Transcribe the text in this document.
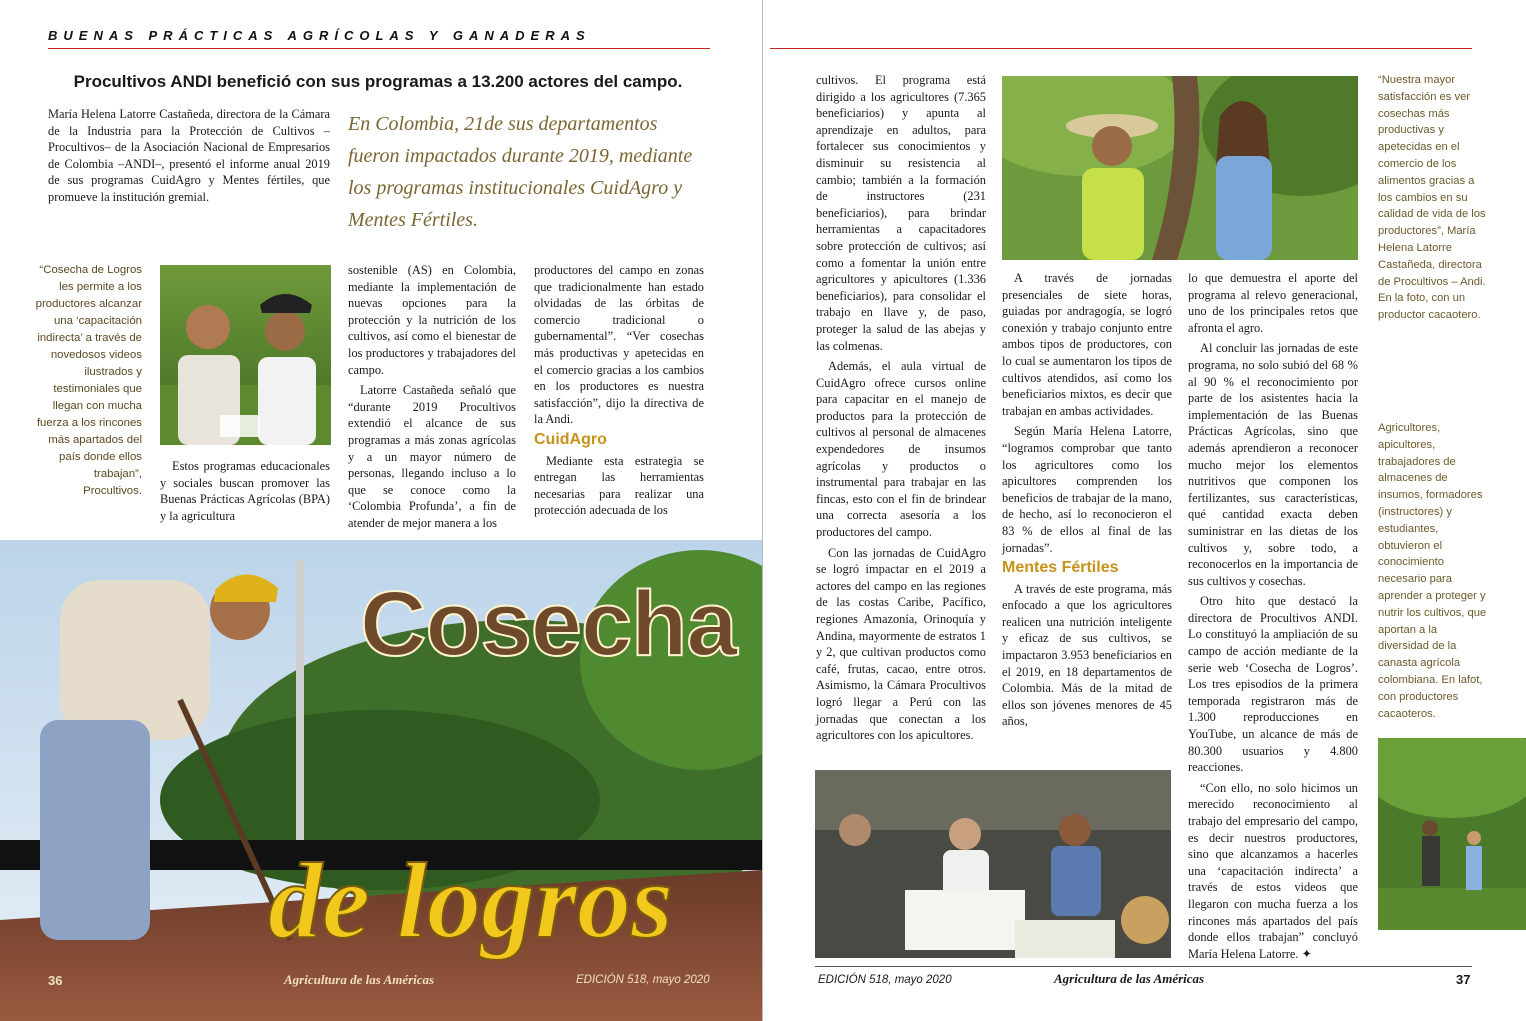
BUENAS PRÁCTICAS AGRÍCOLAS Y GANADERAS
Procultivos ANDI benefició con sus programas a 13.200 actores del campo.

María Helena Latorre Castañeda, directora de la Cámara de la Industria para la Protección de Cultivos –Procultivos– de la Asociación Nacional de Empresarios de Colombia –ANDI–, presentó el informe anual 2019 de sus programas CuidAgro y Mentes fértiles, que promueve la institución gremial.

En Colombia, 21de sus departamentos fueron impactados durante 2019, mediante los programas institucionales CuidAgro y Mentes Fértiles.
“Cosecha de Logros les permite a los productores alcanzar una ‘capacitación indirecta’ a través de novedosos videos ilustrados y testimoniales que llegan con mucha fuerza a los rincones más apartados del país donde ellos trabajan”, Procultivos.

Estos programas educacionales y sociales buscan promover las Buenas Prácticas Agrícolas (BPA) y la agricultura

sostenible (AS) en Colombia, mediante la implementación de nuevas opciones para la protección y la nutrición de los cultivos, así como el bienestar de los productores y trabajadores del campo.

Latorre Castañeda señaló que “durante 2019 Procultivos extendió el alcance de sus programas a más zonas agrícolas y a un mayor número de personas, llegando incluso a lo que se conoce como la ‘Colombia Profunda’, a fin de atender de mejor manera a los

productores del campo en zonas que tradicionalmente han estado olvidadas de las órbitas de comercio tradicional o gubernamental”. “Ver cosechas más productivas y apetecidas en el comercio gracias a los cambios en los productores es nuestra satisfacción”, dijo la directiva de la Andi.

CuidAgro

Mediante esta estrategia se entregan las herramientas necesarias para realizar una protección adecuada de los

Cosecha
de logros
36	Agricultura de las Américas	EDICIÓN 518, mayo 2020

cultivos. El programa está dirigido a los agricultores (7.365 beneficiarios) y apunta al aprendizaje en adultos, para fortalecer sus conocimientos y disminuir su resistencia al cambio; también a la formación de instructores (231 beneficiarios), para brindar herramientas a capacitadores sobre protección de cultivos; así como a fomentar la unión entre agricultores y apicultores (1.336 beneficiarios), para consolidar el trabajo en llave y, de paso, proteger la salud de las abejas y las colmenas.

Además, el aula virtual de CuidAgro ofrece cursos online para capacitar en el manejo de productos para la protección de cultivos al personal de almacenes expendedores de insumos agrícolas y productos o instrumental para trabajar en las fincas, esto con el fin de brindear una correcta asesoría a los productores del campo.

Con las jornadas de CuidAgro se logró impactar en el 2019 a actores del campo en las regiones de las costas Caribe, Pacífico, regiones Amazonía, Orinoquía y Andina, mayormente de estratos 1 y 2, que cultivan productos como café, frutas, cacao, entre otros. Asimismo, la Cámara Procultivos logró llegar a Perú con las jornadas que conectan a los agricultores con los apicultores.

“Nuestra mayor satisfacción es ver cosechas más productivas y apetecidas en el comercio de los alimentos gracias a los cambios en su calidad de vida de los productores”, María Helena Latorre Castañeda, directora de Procultivos – Andi. En la foto, con un productor cacaotero.

A través de jornadas presenciales de siete horas, guiadas por andragogía, se logró conexión y trabajo conjunto entre ambos tipos de productores, con lo cual se aumentaron los tipos de cultivos atendidos, así como los beneficiarios mixtos, es decir que trabajan en ambas actividades.

Según María Helena Latorre, “logramos comprobar que tanto los agricultores como los apicultores comprenden los beneficios de trabajar de la mano, de hecho, así lo reconocieron el 83 % de ellos al final de las jornadas”.

Mentes Fértiles

A través de este programa, más enfocado a que los agricultores realicen una nutrición inteligente y eficaz de sus cultivos, se impactaron 3.953 beneficiarios en el 2019, en 18 departamentos de Colombia. Más de la mitad de ellos son jóvenes menores de 45 años,

lo que demuestra el aporte del programa al relevo generacional, uno de los principales retos que afronta el agro.

Al concluir las jornadas de este programa, no solo subió del 68 % al 90 % el reconocimiento por parte de los asistentes hacia la implementación de las Buenas Prácticas Agrícolas, sino que además aprendieron a reconocer mucho mejor los elementos nutritivos que componen los fertilizantes, sus características, qué cantidad exacta deben suministrar en las dietas de los cultivos y, sobre todo, a reconocerlos en la importancia de sus cultivos y cosechas.

Otro hito que destacó la directora de Procultivos ANDI. Lo constituyó la ampliación de su campo de acción mediante de la serie web ‘Cosecha de Logros’. Los tres episodios de la primera temporada registraron más de 1.300 reproducciones en YouTube, un alcance de más de 80.300 usuarios y 4.800 reacciones.

“Con ello, no solo hicimos un merecido reconocimiento al trabajo del empresario del campo, es decir nuestros productores, sino que alcanzamos a hacerles una ‘capacitación indirecta’ a través de estos videos que llegaron con mucha fuerza a los rincones más apartados del país donde ellos trabajan” concluyó María Helena Latorre. ✦

Agricultores, apicultores, trabajadores de almacenes de insumos, formadores (instructores) y estudiantes, obtuvieron el conocimiento necesario para aprender a proteger y nutrir los cultivos, que aportan a la diversidad de la canasta agrícola colombiana. En lafot, con productores cacaoteros.
EDICIÓN 518, mayo 2020	Agricultura de las Américas	37
